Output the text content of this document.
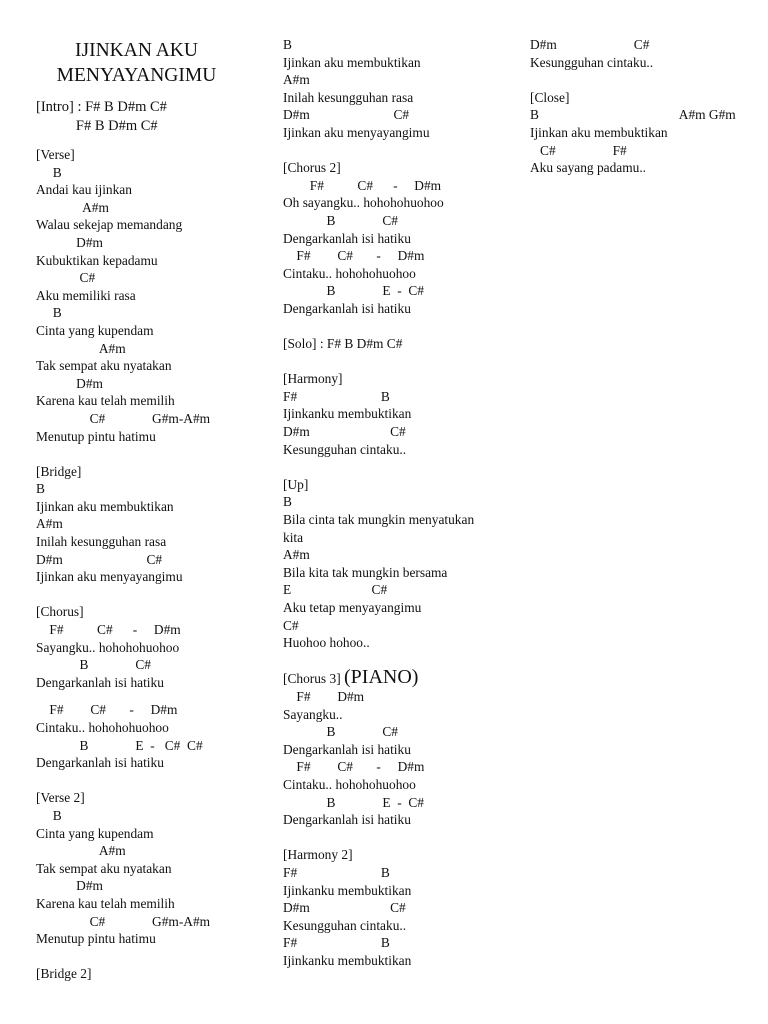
IJINKAN AKU
MENYAYANGIMU
[Intro] : F# B D#m C#
F# B D#m C#
[Verse]
B
Andai kau ijinkan
A#m
Walau sekejap memandang
D#m
Kubuktikan kepadamu
C#
Aku memiliki rasa
B
Cinta yang kupendam
A#m
Tak sempat aku nyatakan
D#m
Karena kau telah memilih
C#              G#m-A#m
Menutup pintu hatimu
[Bridge]
B
Ijinkan aku membuktikan
A#m
Inilah kesungguhan rasa
D#m                         C#
Ijinkan aku menyayangimu
[Chorus]
F#          C#      -     D#m
Sayangku.. hohohohuohoo
B              C#
Dengarkanlah isi hatiku
F#        C#       -     D#m
Cintaku.. hohohohuohoo
B              E  -   C#  C#
Dengarkanlah isi hatiku
[Verse 2]
B
Cinta yang kupendam
A#m
Tak sempat aku nyatakan
D#m
Karena kau telah memilih
C#              G#m-A#m
Menutup pintu hatimu
[Bridge 2]
B
Ijinkan aku membuktikan
A#m
Inilah kesungguhan rasa
D#m                         C#
Ijinkan aku menyayangimu
[Chorus 2]
F#          C#      -     D#m
Oh sayangku.. hohohohuohoo
B              C#
Dengarkanlah isi hatiku
F#        C#       -     D#m
Cintaku.. hohohohuohoo
B              E  -  C#
Dengarkanlah isi hatiku
[Solo] : F# B D#m C#
[Harmony]
F#                         B
Ijinkanku membuktikan
D#m                        C#
Kesungguhan cintaku..
[Up]
B
Bila cinta tak mungkin menyatukan
kita
A#m
Bila kita tak mungkin bersama
E                        C#
Aku tetap menyayangimu
C#
Huohoo hohoo..
[Chorus 3] (PIANO)
F#        D#m
Sayangku..
B              C#
Dengarkanlah isi hatiku
F#        C#       -     D#m
Cintaku.. hohohohuohoo
B              E  -  C#
Dengarkanlah isi hatiku
[Harmony 2]
F#                         B
Ijinkanku membuktikan
D#m                        C#
Kesungguhan cintaku..
F#                         B
Ijinkanku membuktikan
D#m                       C#
Kesungguhan cintaku..
[Close]
B                                          A#m G#m
Ijinkan aku membuktikan
C#                 F#
Aku sayang padamu..
